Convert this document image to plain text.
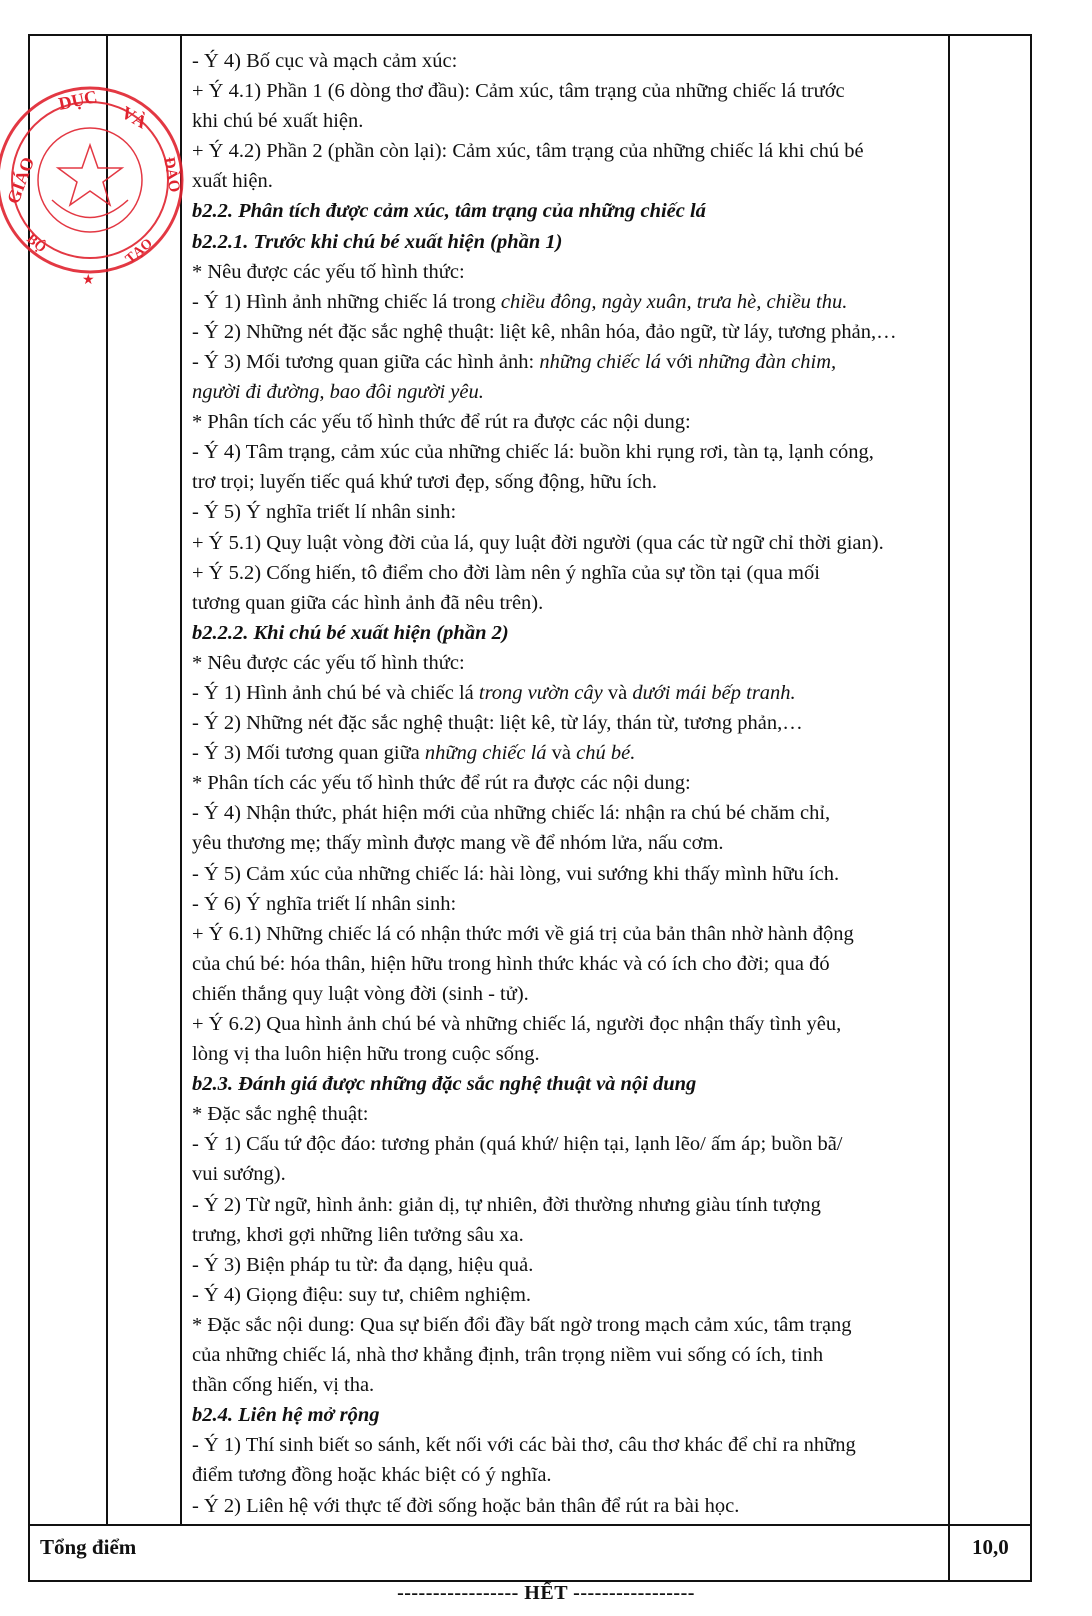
GIÁO
DỤC
VÀ
ĐÀO
TẠO
BỘ
★
- Ý 4) Bố cục và mạch cảm xúc:
+ Ý 4.1) Phần 1 (6 dòng thơ đầu): Cảm xúc, tâm trạng của những chiếc lá trước
khi chú bé xuất hiện.
+ Ý 4.2) Phần 2 (phần còn lại): Cảm xúc, tâm trạng của những chiếc lá khi chú bé
xuất hiện.
b2.2. Phân tích được cảm xúc, tâm trạng của những chiếc lá
b2.2.1. Trước khi chú bé xuất hiện (phần 1)
* Nêu được các yếu tố hình thức:
- Ý 1) Hình ảnh những chiếc lá trong chiều đông, ngày xuân, trưa hè, chiều thu.
- Ý 2) Những nét đặc sắc nghệ thuật: liệt kê, nhân hóa, đảo ngữ, từ láy, tương phản,…
- Ý 3) Mối tương quan giữa các hình ảnh: những chiếc lá với những đàn chim,
người đi đường, bao đôi người yêu.
* Phân tích các yếu tố hình thức để rút ra được các nội dung:
- Ý 4) Tâm trạng, cảm xúc của những chiếc lá: buồn khi rụng rơi, tàn tạ, lạnh cóng,
trơ trọi; luyến tiếc quá khứ tươi đẹp, sống động, hữu ích.
- Ý 5) Ý nghĩa triết lí nhân sinh:
+ Ý 5.1) Quy luật vòng đời của lá, quy luật đời người (qua các từ ngữ chỉ thời gian).
+ Ý 5.2) Cống hiến, tô điểm cho đời làm nên ý nghĩa của sự tồn tại (qua mối
tương quan giữa các hình ảnh đã nêu trên).
b2.2.2. Khi chú bé xuất hiện (phần 2)
* Nêu được các yếu tố hình thức:
- Ý 1) Hình ảnh chú bé và chiếc lá trong vườn cây và dưới mái bếp tranh.
- Ý 2) Những nét đặc sắc nghệ thuật: liệt kê, từ láy, thán từ, tương phản,…
- Ý 3) Mối tương quan giữa những chiếc lá và chú bé.
* Phân tích các yếu tố hình thức để rút ra được các nội dung:
- Ý 4) Nhận thức, phát hiện mới của những chiếc lá: nhận ra chú bé chăm chỉ,
yêu thương mẹ; thấy mình được mang về để nhóm lửa, nấu cơm.
- Ý 5) Cảm xúc của những chiếc lá: hài lòng, vui sướng khi thấy mình hữu ích.
- Ý 6) Ý nghĩa triết lí nhân sinh:
+ Ý 6.1) Những chiếc lá có nhận thức mới về giá trị của bản thân nhờ hành động
của chú bé: hóa thân, hiện hữu trong hình thức khác và có ích cho đời; qua đó
chiến thắng quy luật vòng đời (sinh - tử).
+ Ý 6.2) Qua hình ảnh chú bé và những chiếc lá, người đọc nhận thấy tình yêu,
lòng vị tha luôn hiện hữu trong cuộc sống.
b2.3. Đánh giá được những đặc sắc nghệ thuật và nội dung
* Đặc sắc nghệ thuật:
- Ý 1) Cấu tứ độc đáo: tương phản (quá khứ/ hiện tại, lạnh lẽo/ ấm áp; buồn bã/
vui sướng).
- Ý 2) Từ ngữ, hình ảnh: giản dị, tự nhiên, đời thường nhưng giàu tính tượng
trưng, khơi gợi những liên tưởng sâu xa.
- Ý 3) Biện pháp tu từ: đa dạng, hiệu quả.
- Ý 4) Giọng điệu: suy tư, chiêm nghiệm.
* Đặc sắc nội dung: Qua sự biến đổi đầy bất ngờ trong mạch cảm xúc, tâm trạng
của những chiếc lá, nhà thơ khẳng định, trân trọng niềm vui sống có ích, tinh
thần cống hiến, vị tha.
b2.4. Liên hệ mở rộng
- Ý 1) Thí sinh biết so sánh, kết nối với các bài thơ, câu thơ khác để chỉ ra những
điểm tương đồng hoặc khác biệt có ý nghĩa.
- Ý 2) Liên hệ với thực tế đời sống hoặc bản thân để rút ra bài học.
Tổng điểm	10,0
----------------- HẾT -----------------
